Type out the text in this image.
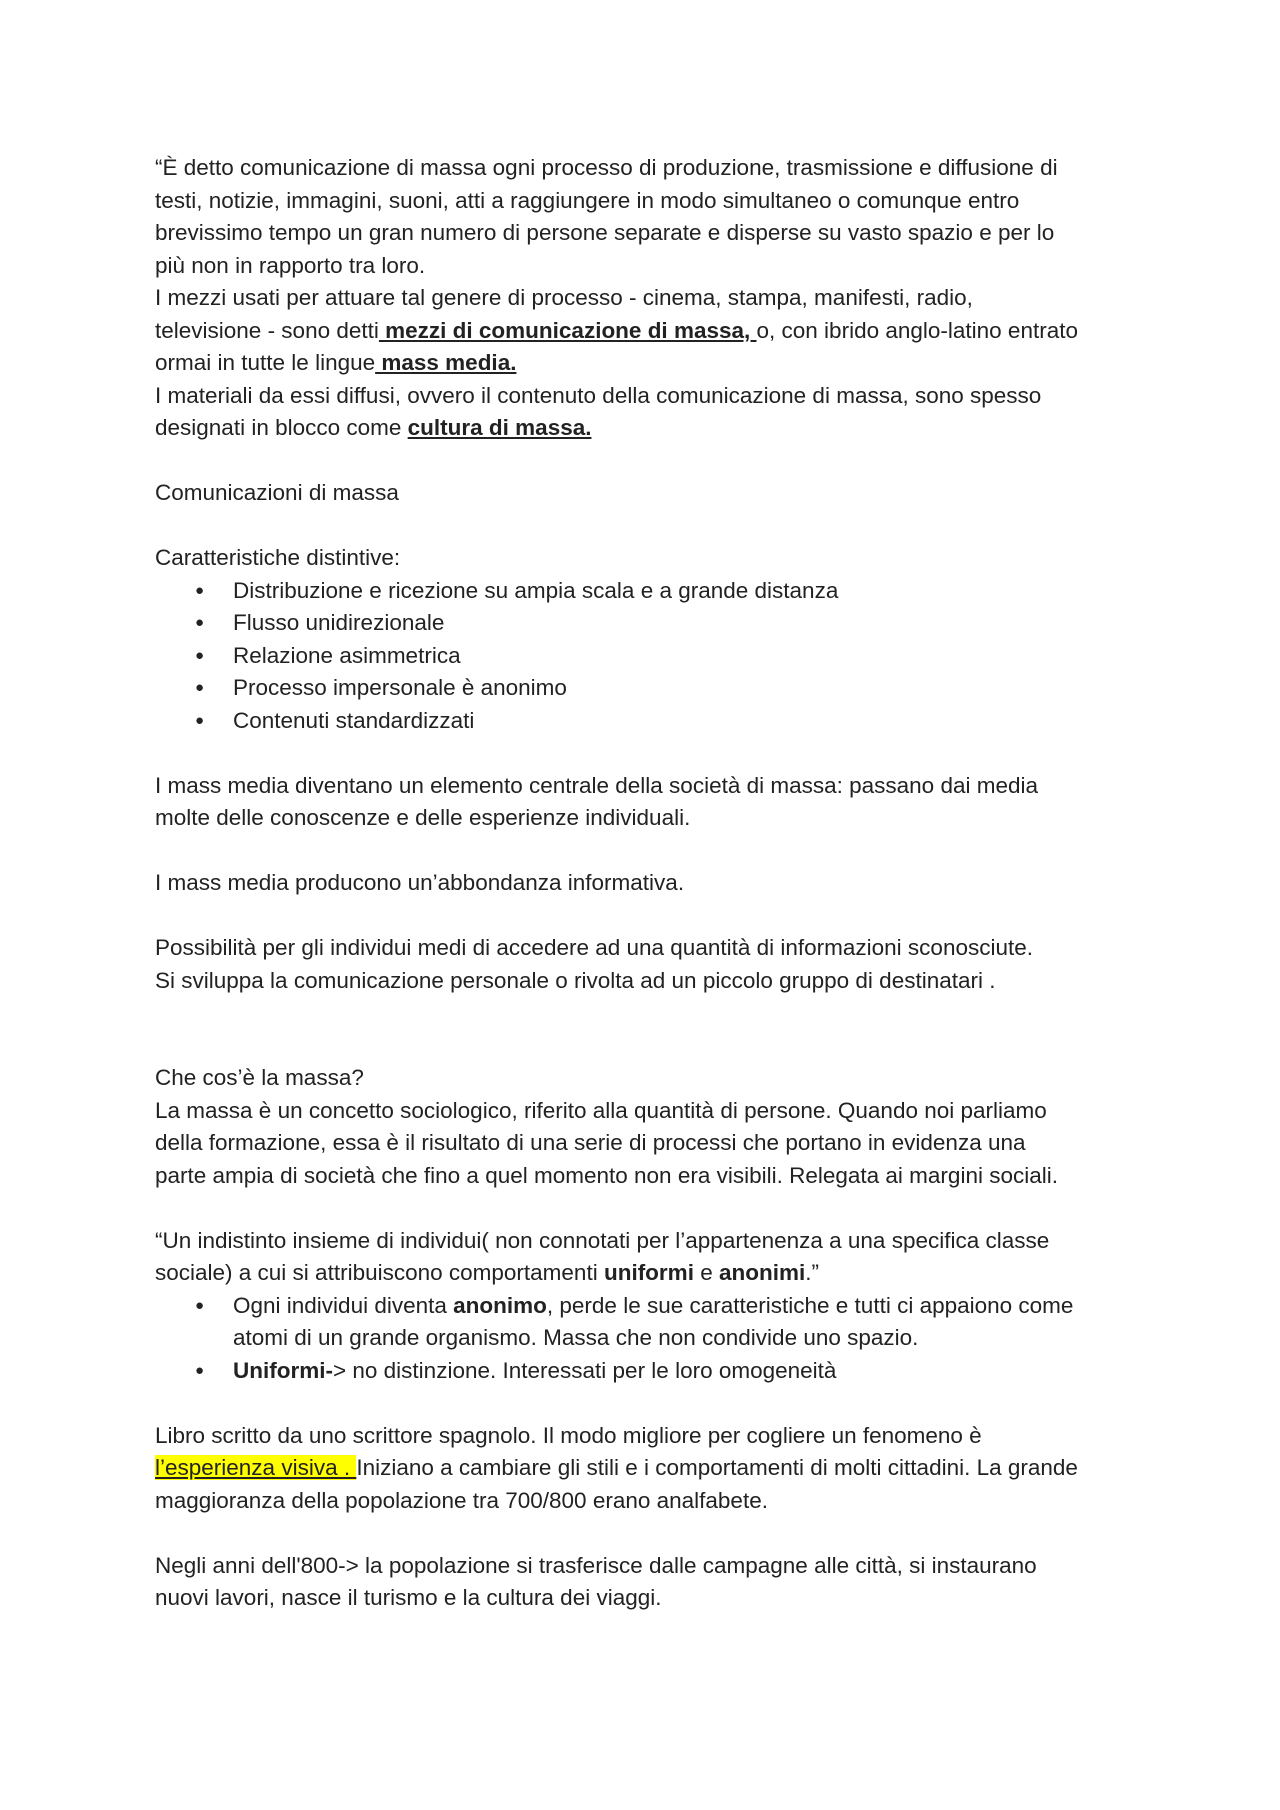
“È detto comunicazione di massa ogni processo di produzione, trasmissione e diffusione di
testi, notizie, immagini, suoni, atti a raggiungere in modo simultaneo o comunque entro
brevissimo tempo un gran numero di persone separate e disperse su vasto spazio e per lo
più non in rapporto tra loro.
I mezzi usati per attuare tal genere di processo - cinema, stampa, manifesti, radio,
televisione - sono detti mezzi di comunicazione di massa, o, con ibrido anglo-latino entrato
ormai in tutte le lingue mass media.
I materiali da essi diffusi, ovvero il contenuto della comunicazione di massa, sono spesso
designati in blocco come cultura di massa.
Comunicazioni di massa
Caratteristiche distintive:
● Distribuzione e ricezione su ampia scala e a grande distanza
● Flusso unidirezionale
● Relazione asimmetrica
● Processo impersonale è anonimo
● Contenuti standardizzati
I mass media diventano un elemento centrale della società di massa: passano dai media
molte delle conoscenze e delle esperienze individuali.
I mass media producono un’abbondanza informativa.
Possibilità per gli individui medi di accedere ad una quantità di informazioni sconosciute.
Si sviluppa la comunicazione personale o rivolta ad un piccolo gruppo di destinatari .
Che cos’è la massa?
La massa è un concetto sociologico, riferito alla quantità di persone. Quando noi parliamo
della formazione, essa è il risultato di una serie di processi che portano in evidenza una
parte ampia di società che fino a quel momento non era visibili. Relegata ai margini sociali.
“Un indistinto insieme di individui( non connotati per l’appartenenza a una specifica classe
sociale) a cui si attribuiscono comportamenti uniformi e anonimi.”
● Ogni individui diventa anonimo, perde le sue caratteristiche e tutti ci appaiono come
atomi di un grande organismo. Massa che non condivide uno spazio.
● Uniformi-> no distinzione. Interessati per le loro omogeneità
Libro scritto da uno scrittore spagnolo. Il modo migliore per cogliere un fenomeno è
l’esperienza visiva . Iniziano a cambiare gli stili e i comportamenti di molti cittadini. La grande
maggioranza della popolazione tra 700/800 erano analfabete.
Negli anni dell'800-> la popolazione si trasferisce dalle campagne alle città, si instaurano
nuovi lavori, nasce il turismo e la cultura dei viaggi.
